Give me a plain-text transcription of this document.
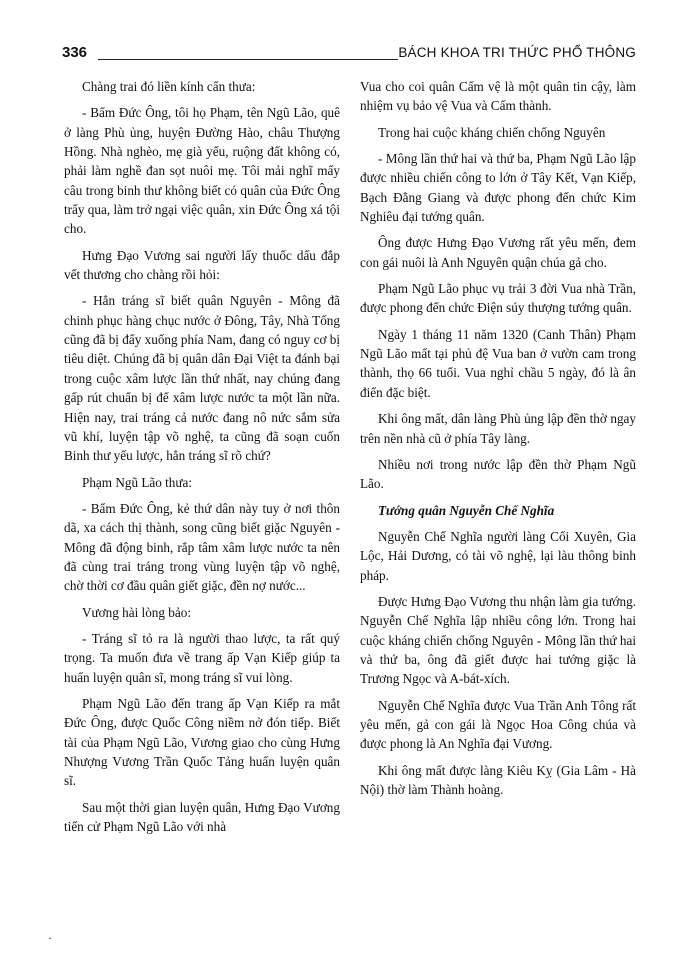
336	BÁCH KHOA TRI THỨC PHỔ THÔNG

Chàng trai đó liền kính cẩn thưa:

- Bẩm Đức Ông, tôi họ Phạm, tên Ngũ Lão, quê ở làng Phù ủng, huyện Đường Hào, châu Thượng Hồng. Nhà nghèo, mẹ già yếu, ruộng đất không có, phải làm nghề đan sọt nuôi mẹ. Tôi mải nghĩ mấy câu trong binh thư không biết có quân của Đức Ông trẩy qua, làm trở ngại việc quân, xin Đức Ông xá tội cho.

Hưng Đạo Vương sai người lấy thuốc dấu đắp vết thương cho chàng rồi hỏi:

- Hẳn tráng sĩ biết quân Nguyên - Mông đã chinh phục hàng chục nước ở Đông, Tây, Nhà Tống cũng đã bị đẩy xuống phía Nam, đang có nguy cơ bị tiêu diệt. Chúng đã bị quân dân Đại Việt ta đánh bại trong cuộc xâm lược lần thứ nhất, nay chúng đang gấp rút chuẩn bị để xâm lược nước ta một lần nữa. Hiện nay, trai tráng cả nước đang nô nức sắm sửa vũ khí, luyện tập võ nghệ, ta cũng đã soạn cuốn Binh thư yếu lược, hẳn tráng sĩ rõ chứ?

Phạm Ngũ Lão thưa:

- Bẩm Đức Ông, kẻ thứ dân này tuy ở nơi thôn dã, xa cách thị thành, song cũng biết giặc Nguyên - Mông đã động binh, rắp tâm xâm lược nước ta nên đã cùng trai tráng trong vùng luyện tập võ nghệ, chờ thời cơ đầu quân giết giặc, đền nợ nước...

Vương hài lòng bảo:

- Tráng sĩ tỏ ra là người thao lược, ta rất quý trọng. Ta muốn đưa về trang ấp Vạn Kiếp giúp ta huấn luyện quân sĩ, mong tráng sĩ vui lòng.

Phạm Ngũ Lão đến trang ấp Vạn Kiếp ra mắt Đức Ông, được Quốc Công niềm nở đón tiếp. Biết tài của Phạm Ngũ Lão, Vương giao cho cùng Hưng Nhượng Vương Trần Quốc Tảng huấn luyện quân sĩ.

Sau một thời gian luyện quân, Hưng Đạo Vương tiến cử Phạm Ngũ Lão với nhà

Vua cho coi quân Cấm vệ là một quân tin cậy, làm nhiệm vụ bảo vệ Vua và Cấm thành.

Trong hai cuộc kháng chiến chống Nguyên

- Mông lần thứ hai và thứ ba, Phạm Ngũ Lão lập được nhiều chiến công to lớn ở Tây Kết, Vạn Kiếp, Bạch Đằng Giang và được phong đến chức Kim Nghiêu đại tướng quân.

Ông được Hưng Đạo Vương rất yêu mến, đem con gái nuôi là Anh Nguyên quận chúa gả cho.

Phạm Ngũ Lão phục vụ trải 3 đời Vua nhà Trần, được phong đến chức Điện súy thượng tướng quân.

Ngày 1 tháng 11 năm 1320 (Canh Thân) Phạm Ngũ Lão mất tại phủ đệ Vua ban ở vườn cam trong thành, thọ 66 tuổi. Vua nghỉ chầu 5 ngày, đó là ân điển đặc biệt.

Khi ông mất, dân làng Phù ủng lập đền thờ ngay trên nền nhà cũ ở phía Tây làng.

Nhiều nơi trong nước lập đền thờ Phạm Ngũ Lão.

Tướng quân Nguyễn Chế Nghĩa

Nguyễn Chế Nghĩa người làng Cối Xuyên, Gia Lộc, Hải Dương, có tài võ nghệ, lại làu thông binh pháp.

Được Hưng Đạo Vương thu nhận làm gia tướng. Nguyễn Chế Nghĩa lập nhiều công lớn. Trong hai cuộc kháng chiến chống Nguyên - Mông lần thứ hai và thứ ba, ông đã giết được hai tướng giặc là Trương Ngọc và A-bát-xích.

Nguyễn Chế Nghĩa được Vua Trần Anh Tông rất yêu mến, gả con gái là Ngọc Hoa Công chúa và được phong là An Nghĩa đại Vương.

Khi ông mất được làng Kiêu Kỵ (Gia Lâm - Hà Nội) thờ làm Thành hoàng.

·
